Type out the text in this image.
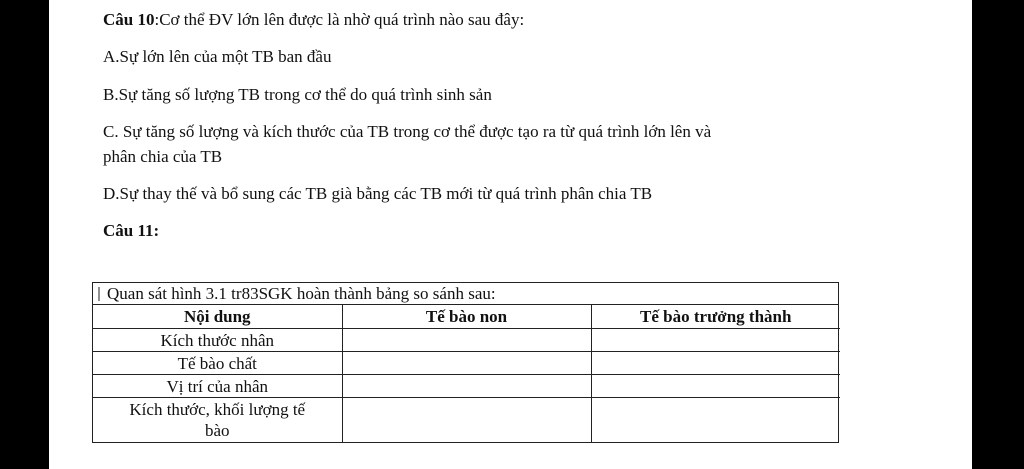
Câu 10:Cơ thể ĐV lớn lên được là nhờ quá trình nào sau đây:
A.Sự lớn lên của một TB ban đầu
B.Sự tăng số lượng TB trong cơ thể do quá trình sinh sản
C. Sự tăng số lượng và kích thước của TB trong cơ thể được tạo ra từ quá trình lớn lên và
phân chia của TB
D.Sự thay thế và bổ sung các TB già bằng các TB mới từ quá trình phân chia TB
Câu 11:
Quan sát hình 3.1 tr83SGK hoàn thành bảng so sánh sau:
Nội dung	Tế bào non	Tế bào trưởng thành
Kích thước nhân		
Tế bào chất		
Vị trí của nhân		
Kích thước, khối lượng tế bào		
